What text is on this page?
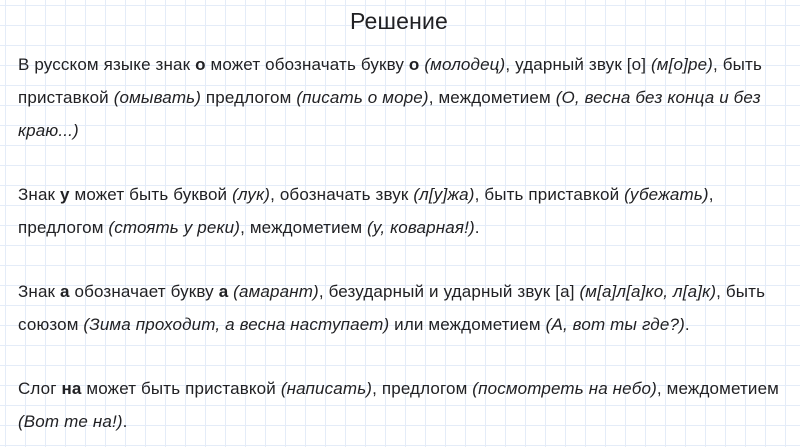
Решение

В русском языке знак о может обозначать букву о (молодец), ударный звук [о] (м[о]ре), быть приставкой (омывать) предлогом (писать о море), междометием (О, весна без конца и без краю...)

Знак у может быть буквой (лук), обозначать звук (л[у]жа), быть приставкой (убежать), предлогом (стоять у реки), междометием (у, коварная!).

Знак а обозначает букву а (амарант), безударный и ударный звук [а] (м[а]л[а]ко, л[а]к), быть союзом (Зима проходит, а весна наступает) или междометием (А, вот ты где?).

Слог на может быть приставкой (написать), предлогом (посмотреть на небо), междометием (Вот те на!).
